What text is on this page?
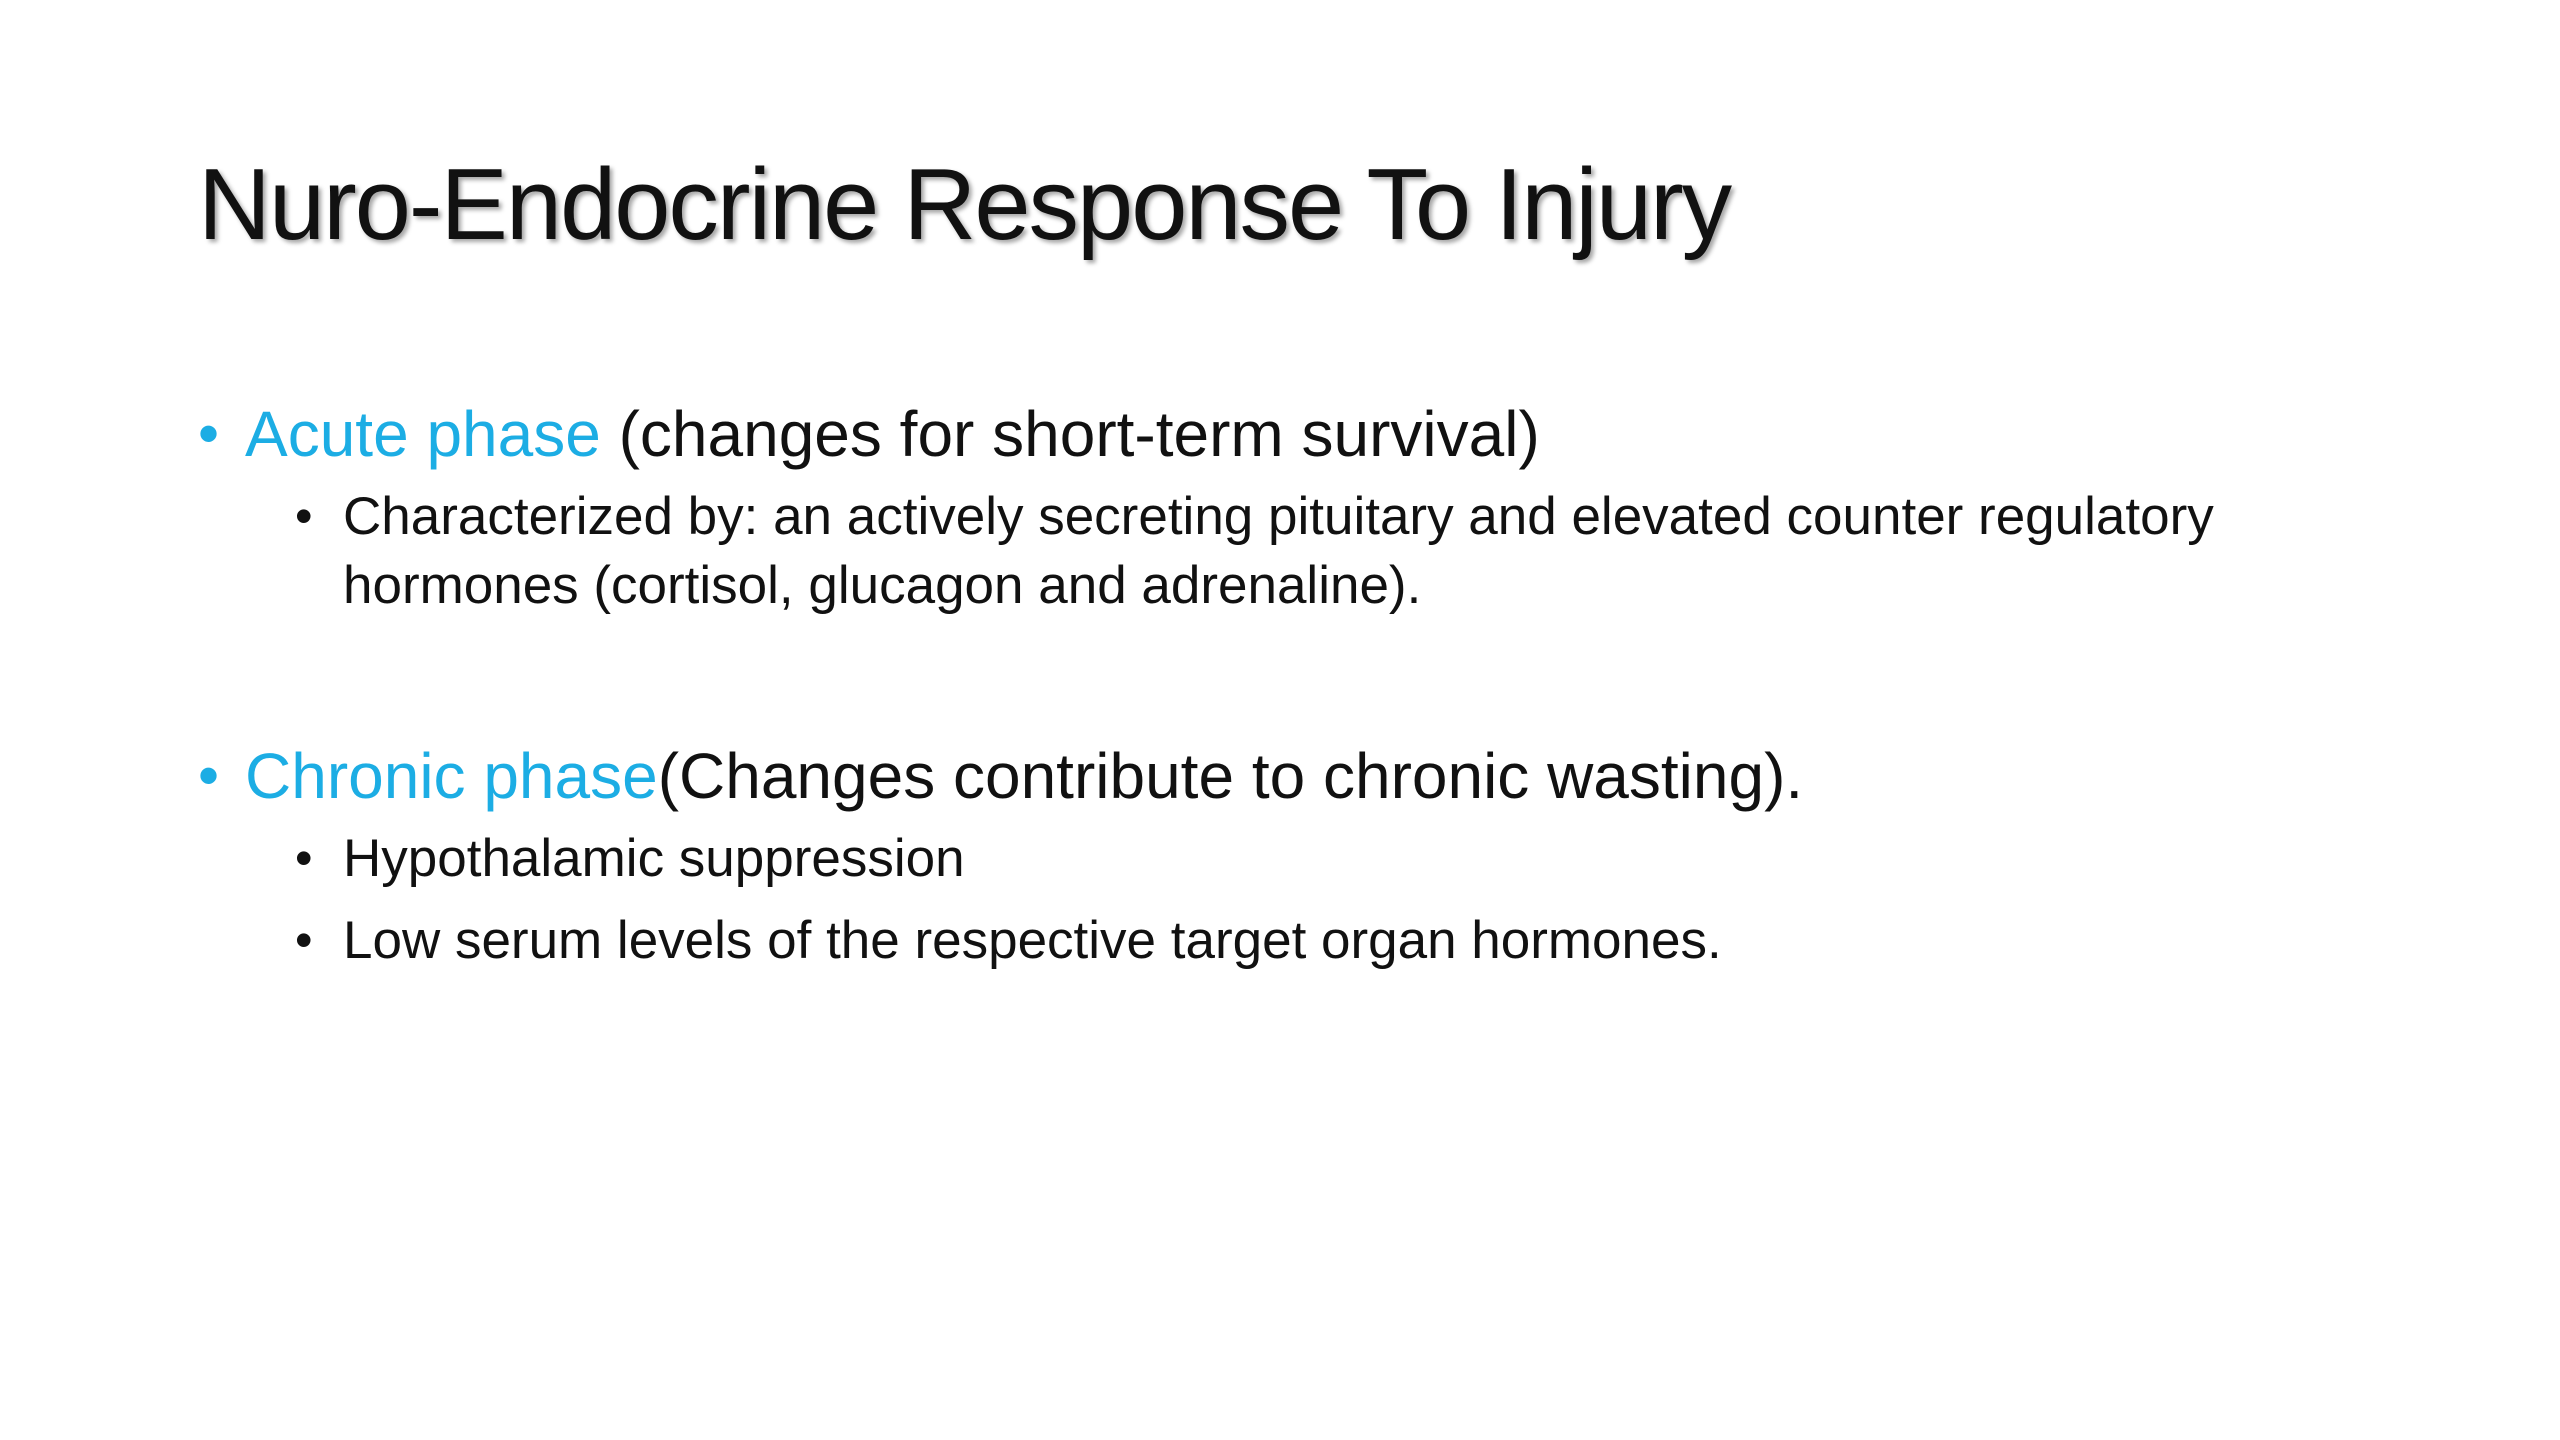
Nuro-Endocrine Response To Injury
• Acute phase (changes for short-term survival)
• Characterized by: an actively secreting pituitary and elevated counter regulatory hormones (cortisol, glucagon and adrenaline).
• Chronic phase(Changes contribute to chronic wasting).
• Hypothalamic suppression
• Low serum levels of the respective target organ hormones.
